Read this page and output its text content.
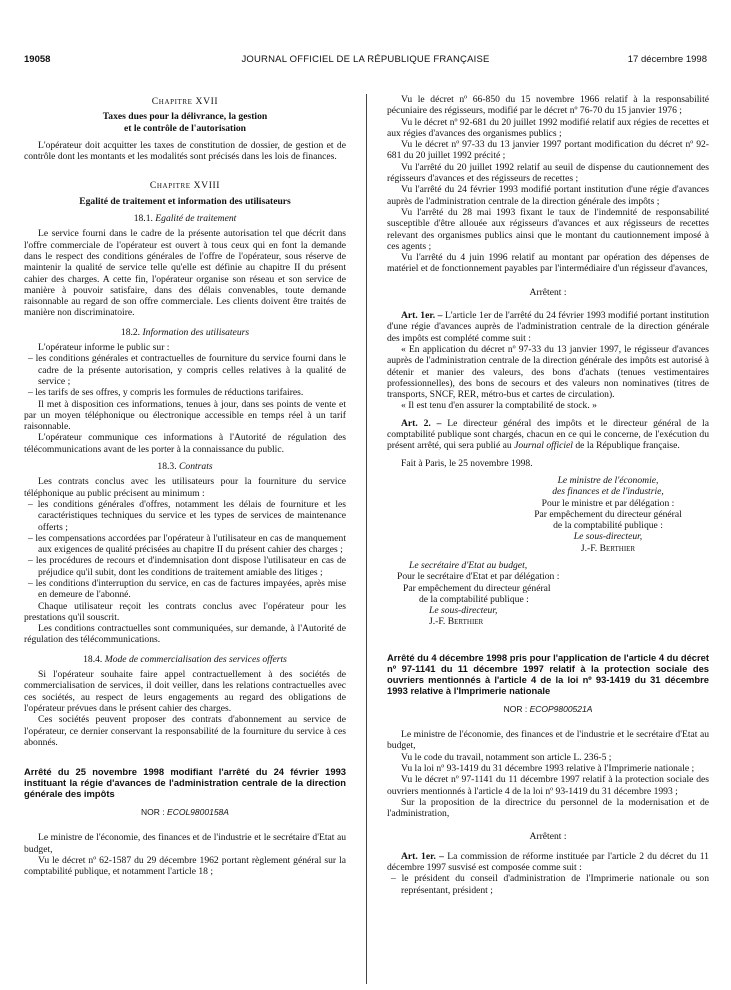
19058	JOURNAL OFFICIEL DE LA RÉPUBLIQUE FRANÇAISE	17 décembre 1998
Chapitre XVII
Taxes dues pour la délivrance, la gestion
et le contrôle de l'autorisation

L'opérateur doit acquitter les taxes de constitution de dossier, de gestion et de contrôle dont les montants et les modalités sont précisés dans les lois de finances.

Chapitre XVIII
Egalité de traitement et information des utilisateurs
18.1. Egalité de traitement

Le service fourni dans le cadre de la présente autorisation tel que décrit dans l'offre commerciale de l'opérateur est ouvert à tous ceux qui en font la demande dans le respect des conditions générales de l'offre de l'opérateur, sous réserve de maintenir la qualité de service telle qu'elle est définie au chapitre II du présent cahier des charges. A cette fin, l'opérateur organise son réseau et son service de manière à pouvoir satisfaire, dans des délais convenables, toute demande raisonnable au regard de son offre commerciale. Les clients doivent être traités de manière non discriminatoire.

18.2. Information des utilisateurs

L'opérateur informe le public sur :

– les conditions générales et contractuelles de fourniture du service fourni dans le cadre de la présente autorisation, y compris celles relatives à la qualité de service ;
– les tarifs de ses offres, y compris les formules de réductions tarifaires.

Il met à disposition ces informations, tenues à jour, dans ses points de vente et par un moyen téléphonique ou électronique accessible en temps réel à un tarif raisonnable.

L'opérateur communique ces informations à l'Autorité de régulation des télécommunications avant de les porter à la connaissance du public.

18.3. Contrats

Les contrats conclus avec les utilisateurs pour la fourniture du service téléphonique au public précisent au minimum :

– les conditions générales d'offres, notamment les délais de fourniture et les caractéristiques techniques du service et les types de services de maintenance offerts ;
– les compensations accordées par l'opérateur à l'utilisateur en cas de manquement aux exigences de qualité précisées au chapitre II du présent cahier des charges ;
– les procédures de recours et d'indemnisation dont dispose l'utilisateur en cas de préjudice qu'il subit, dont les conditions de traitement amiable des litiges ;
– les conditions d'interruption du service, en cas de factures impayées, après mise en demeure de l'abonné.

Chaque utilisateur reçoit les contrats conclus avec l'opérateur pour les prestations qu'il souscrit.

Les conditions contractuelles sont communiquées, sur demande, à l'Autorité de régulation des télécommunications.

18.4. Mode de commercialisation des services offerts

Si l'opérateur souhaite faire appel contractuellement à des sociétés de commercialisation de services, il doit veiller, dans les relations contractuelles avec ces sociétés, au respect de leurs engagements au regard des obligations de l'opérateur prévues dans le présent cahier des charges.

Ces sociétés peuvent proposer des contrats d'abonnement au service de l'opérateur, ce dernier conservant la responsabilité de la fourniture du service à ces abonnés.

Arrêté du 25 novembre 1998 modifiant l'arrêté du 24 février 1993 instituant la régie d'avances de l'administration centrale de la direction générale des impôts
NOR : ECOL9800158A

Le ministre de l'économie, des finances et de l'industrie et le secrétaire d'Etat au budget,

Vu le décret nº 62-1587 du 29 décembre 1962 portant règlement général sur la comptabilité publique, et notamment l'article 18 ;

Vu le décret nº 66-850 du 15 novembre 1966 relatif à la responsabilité pécuniaire des régisseurs, modifié par le décret nº 76-70 du 15 janvier 1976 ;

Vu le décret nº 92-681 du 20 juillet 1992 modifié relatif aux régies de recettes et aux régies d'avances des organismes publics ;

Vu le décret nº 97-33 du 13 janvier 1997 portant modification du décret nº 92-681 du 20 juillet 1992 précité ;

Vu l'arrêté du 20 juillet 1992 relatif au seuil de dispense du cautionnement des régisseurs d'avances et des régisseurs de recettes ;

Vu l'arrêté du 24 février 1993 modifié portant institution d'une régie d'avances auprès de l'administration centrale de la direction générale des impôts ;

Vu l'arrêté du 28 mai 1993 fixant le taux de l'indemnité de responsabilité susceptible d'être allouée aux régisseurs d'avances et aux régisseurs de recettes relevant des organismes publics ainsi que le montant du cautionnement imposé à ces agents ;

Vu l'arrêté du 4 juin 1996 relatif au montant par opération des dépenses de matériel et de fonctionnement payables par l'intermédiaire d'un régisseur d'avances,

Arrêtent :

Art. 1er. – L'article 1er de l'arrêté du 24 février 1993 modifié portant institution d'une régie d'avances auprès de l'administration centrale de la direction générale des impôts est complété comme suit :

« En application du décret nº 97-33 du 13 janvier 1997, le régisseur d'avances auprès de l'administration centrale de la direction générale des impôts est autorisé à détenir et manier des valeurs, des bons d'achats (tenues vestimentaires professionnelles), des bons de secours et des valeurs non nominatives (titres de transports, SNCF, RER, métro-bus et cartes de circulation).

« Il est tenu d'en assurer la comptabilité de stock. »

Art. 2. – Le directeur général des impôts et le directeur général de la comptabilité publique sont chargés, chacun en ce qui le concerne, de l'exécution du présent arrêté, qui sera publié au Journal officiel de la République française.

Fait à Paris, le 25 novembre 1998.

Le ministre de l'économie,
des finances et de l'industrie,
Pour le ministre et par délégation :
Par empêchement du directeur général
de la comptabilité publique :
Le sous-directeur,
J.-F. Berthier
Le secrétaire d'Etat au budget,
Pour le secrétaire d'Etat et par délégation :
Par empêchement du directeur général
de la comptabilité publique :
Le sous-directeur,
J.-F. Berthier
Arrêté du 4 décembre 1998 pris pour l'application de l'article 4 du décret nº 97-1141 du 11 décembre 1997 relatif à la protection sociale des ouvriers mentionnés à l'article 4 de la loi nº 93-1419 du 31 décembre 1993 relative à l'Imprimerie nationale
NOR : ECOP9800521A

Le ministre de l'économie, des finances et de l'industrie et le secrétaire d'Etat au budget,

Vu le code du travail, notamment son article L. 236-5 ;

Vu la loi nº 93-1419 du 31 décembre 1993 relative à l'Imprimerie nationale ;

Vu le décret nº 97-1141 du 11 décembre 1997 relatif à la protection sociale des ouvriers mentionnés à l'article 4 de la loi nº 93-1419 du 31 décembre 1993 ;

Sur la proposition de la directrice du personnel de la modernisation et de l'administration,

Arrêtent :

Art. 1er. – La commission de réforme instituée par l'article 2 du décret du 11 décembre 1997 susvisé est composée comme suit :

– le président du conseil d'administration de l'Imprimerie nationale ou son représentant, président ;
